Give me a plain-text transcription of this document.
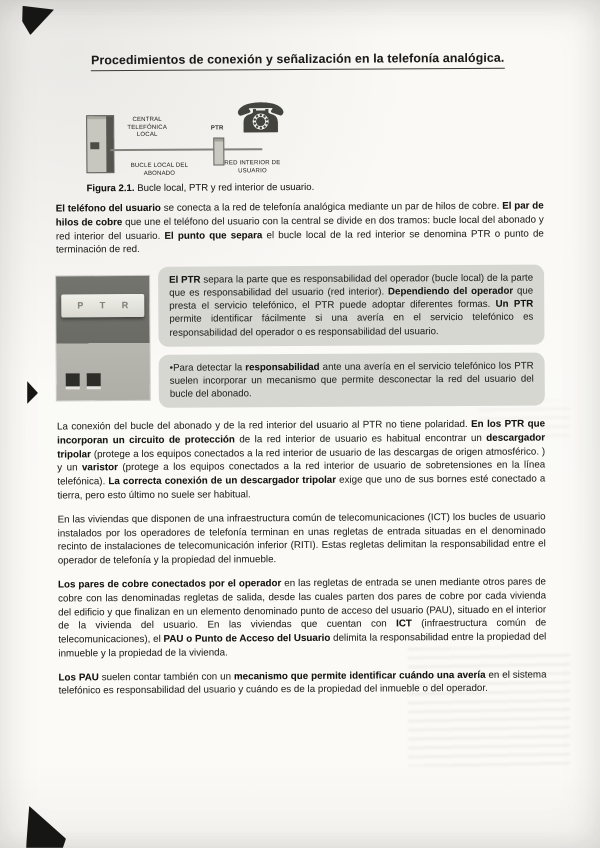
Procedimientos de conexión y señalización en la telefonía analógica.
CENTRAL TELEFÓNICA LOCAL
PTR ☎
BUCLE LOCAL DEL ABONADO
RED INTERIOR DE USUARIO
Figura 2.1. Bucle local, PTR y red interior de usuario.

El teléfono del usuario se conecta a la red de telefonía analógica mediante un par de hilos de cobre. El par de hilos de cobre que une el teléfono del usuario con la central se divide en dos tramos: bucle local del abonado y red interior del usuario. El punto que separa el bucle local de la red interior se denomina PTR o punto de terminación de red.

P T R
El PTR separa la parte que es responsabilidad del operador (bucle local) de la parte que es responsabilidad del usuario (red interior). Dependiendo del operador que presta el servicio telefónico, el PTR puede adoptar diferentes formas. Un PTR permite identificar fácilmente si una avería en el servicio telefónico es responsabilidad del operador o es responsabilidad del usuario.
•Para detectar la responsabilidad ante una avería en el servicio telefónico los PTR suelen incorporar un mecanismo que permite desconectar la red del usuario del bucle del abonado.

La conexión del bucle del abonado y de la red interior del usuario al PTR no tiene polaridad. En los PTR que incorporan un circuito de protección de la red interior de usuario es habitual encontrar un descargador tripolar (protege a los equipos conectados a la red interior de usuario de las descargas de origen atmosférico. ) y un varistor (protege a los equipos conectados a la red interior de usuario de sobretensiones en la línea telefónica). La correcta conexión de un descargador tripolar exige que uno de sus bornes esté conectado a tierra, pero esto último no suele ser habitual.

En las viviendas que disponen de una infraestructura común de telecomunicaciones (ICT) los bucles de usuario instalados por los operadores de telefonía terminan en unas regletas de entrada situadas en el denominado recinto de instalaciones de telecomunicación inferior (RITI). Estas regletas delimitan la responsabilidad entre el operador de telefonía y la propiedad del inmueble.

Los pares de cobre conectados por el operador en las regletas de entrada se unen mediante otros pares de cobre con las denominadas regletas de salida, desde las cuales parten dos pares de cobre por cada vivienda del edificio y que finalizan en un elemento denominado punto de acceso del usuario (PAU), situado en el interior de la vivienda del usuario. En las viviendas que cuentan con ICT (infraestructura común de telecomunicaciones), el PAU o Punto de Acceso del Usuario delimita la responsabilidad entre la propiedad del inmueble y la propiedad de la vivienda.

Los PAU suelen contar también con un mecanismo que permite identificar cuándo una avería en el sistema telefónico es responsabilidad del usuario y cuándo es de la propiedad del inmueble o del operador.
